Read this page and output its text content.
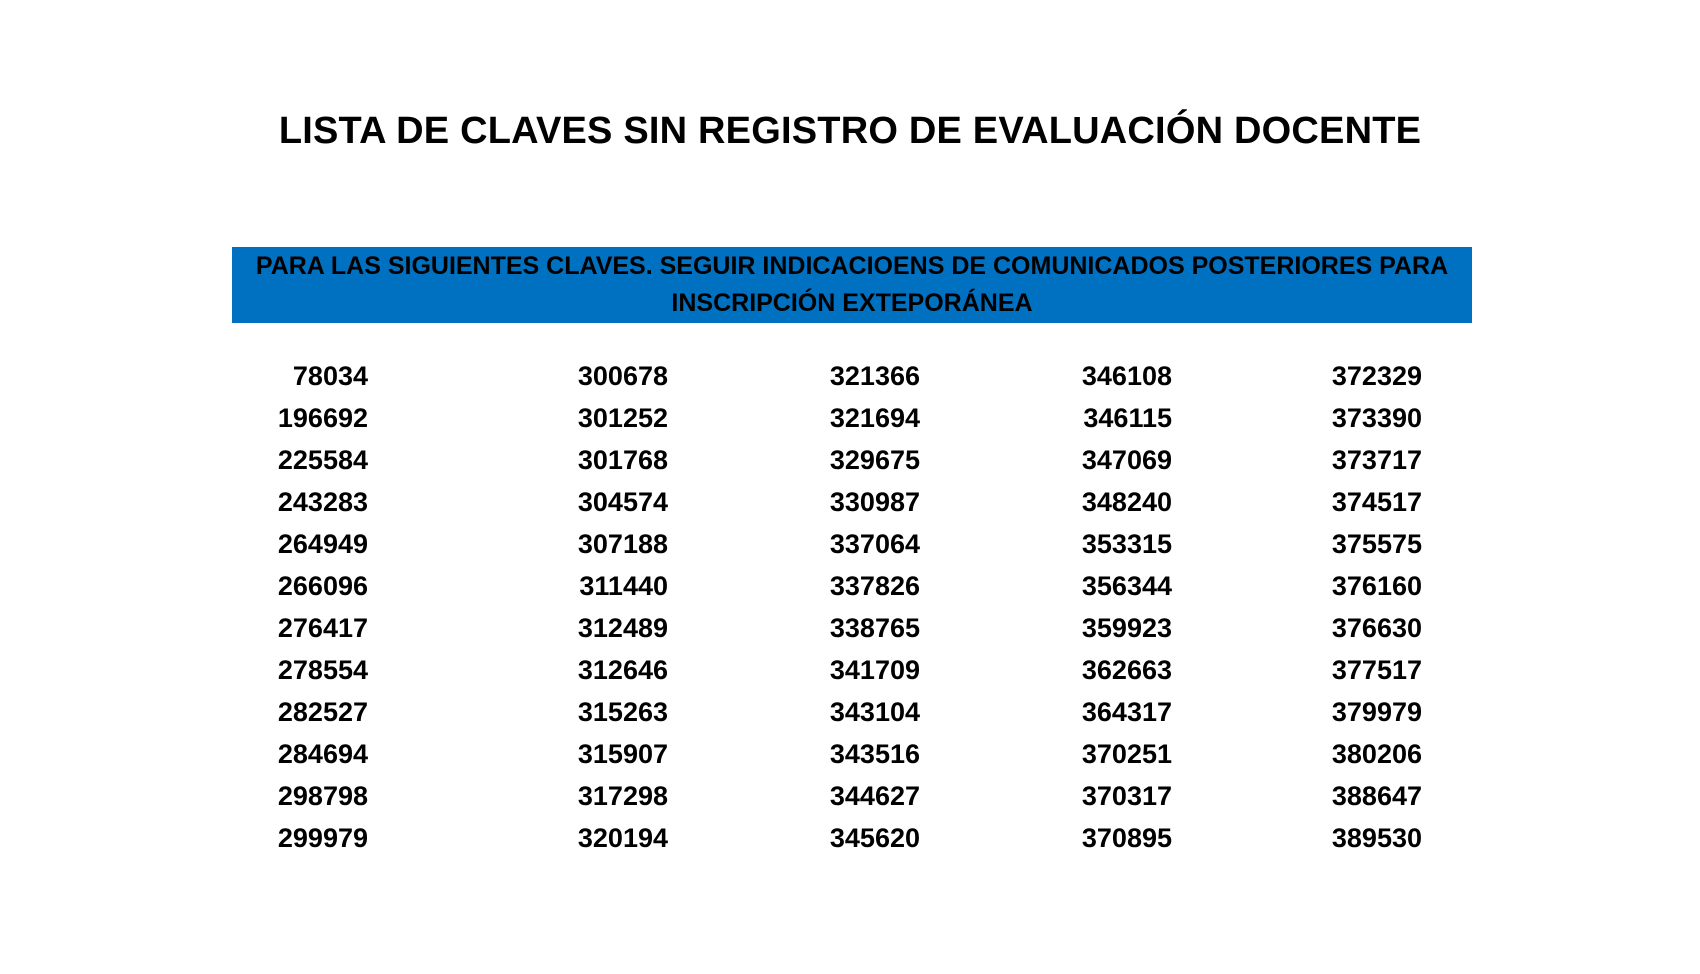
LISTA DE CLAVES SIN REGISTRO DE EVALUACIÓN DOCENTE
PARA LAS SIGUIENTES CLAVES. SEGUIR INDICACIOENS DE COMUNICADOS POSTERIORES PARA
INSCRIPCIÓN EXTEPORÁNEA
78034
196692
225584
243283
264949
266096
276417
278554
282527
284694
298798
299979
300678
301252
301768
304574
307188
311440
312489
312646
315263
315907
317298
320194
321366
321694
329675
330987
337064
337826
338765
341709
343104
343516
344627
345620
346108
346115
347069
348240
353315
356344
359923
362663
364317
370251
370317
370895
372329
373390
373717
374517
375575
376160
376630
377517
379979
380206
388647
389530
